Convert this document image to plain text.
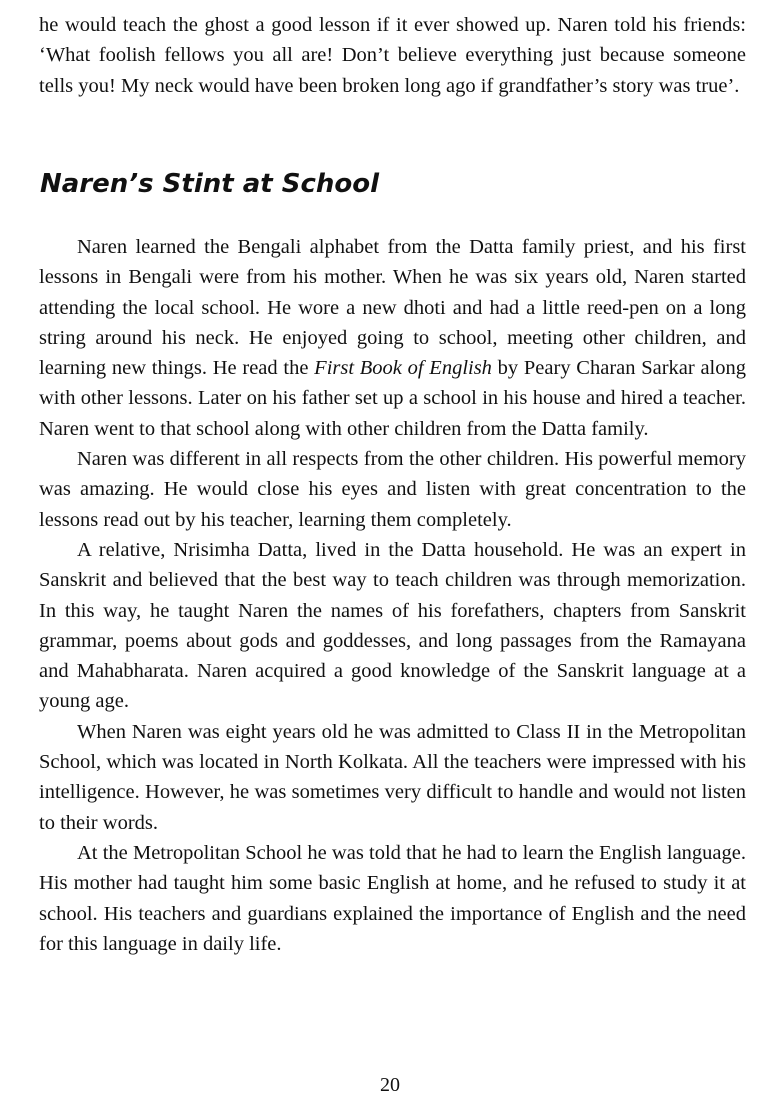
he would teach the ghost a good lesson if it ever showed up. Naren told his friends: ‘What foolish fellows you all are! Don’t believe everything just because someone tells you! My neck would have been broken long ago if grandfather’s story was true’.

Naren’s Stint at School

Naren learned the Bengali alphabet from the Datta family priest, and his first lessons in Bengali were from his mother. When he was six years old, Naren started attending the local school. He wore a new dhoti and had a little reed-pen on a long string around his neck. He enjoyed going to school, meeting other children, and learning new things. He read the First Book of English by Peary Charan Sarkar along with other lessons. Later on his father set up a school in his house and hired a teacher. Naren went to that school along with other children from the Datta family.

Naren was different in all respects from the other children. His powerful memory was amazing. He would close his eyes and listen with great concentration to the lessons read out by his teacher, learning them completely.

A relative, Nrisimha Datta, lived in the Datta household. He was an expert in Sanskrit and believed that the best way to teach children was through memorization. In this way, he taught Naren the names of his forefathers, chapters from Sanskrit grammar, poems about gods and goddesses, and long passages from the Ramayana and Mahabharata. Naren acquired a good knowledge of the Sanskrit language at a young age.

When Naren was eight years old he was admitted to Class II in the Metropolitan School, which was located in North Kolkata. All the teachers were impressed with his intelligence. However, he was sometimes very difficult to handle and would not listen to their words.

At the Metropolitan School he was told that he had to learn the English language. His mother had taught him some basic English at home, and he refused to study it at school. His teachers and guardians explained the importance of English and the need for this language in daily life.

20
